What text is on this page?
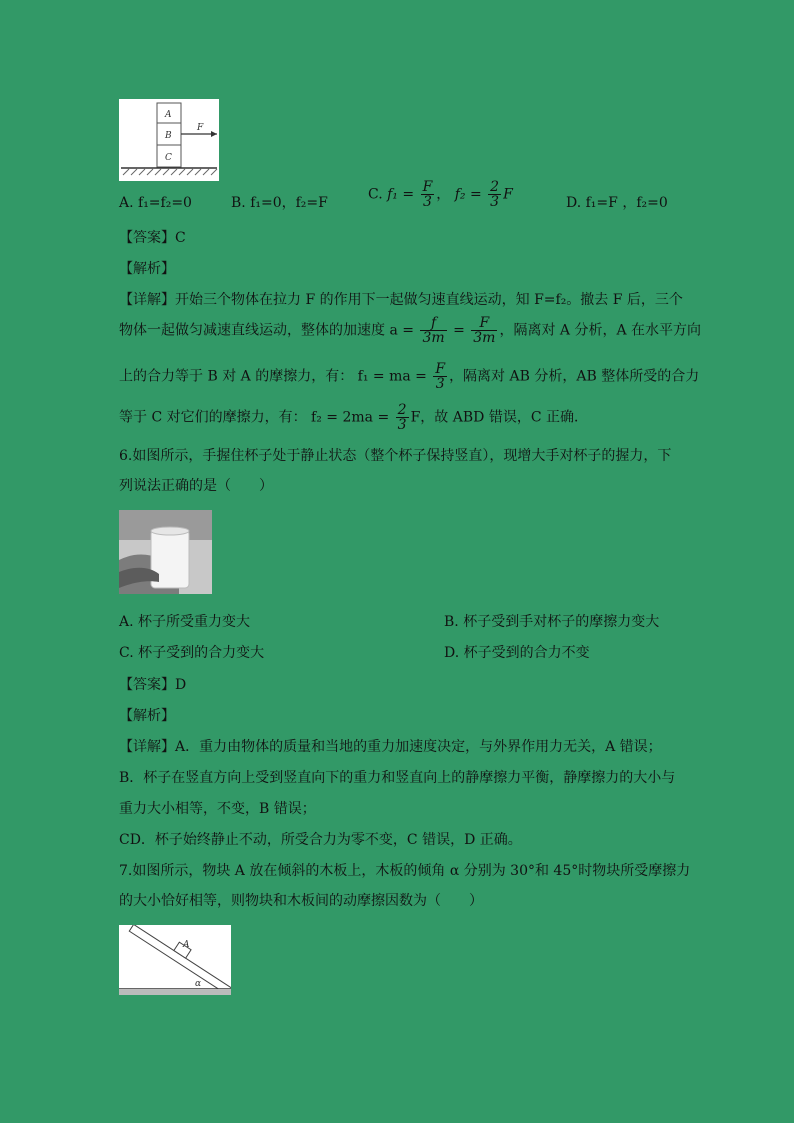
A
B
C
F
A. f₁=f₂=0	B. f₁=0，f₂=F
C. $f_1 = \frac{F}{3}$ ， $f_2 = \frac{2}{3}$ F
D. f₁=F ，f₂=0
【答案】C
【解析】
【详解】开始三个物体在拉力 F 的作用下一起做匀速直线运动，知 F=f₂。撤去 F 后，三个
物体一起做匀减速直线运动，整体的加速度 $a = \frac{f}{3m} = \frac{F}{3m}$ ，隔离对 A 分析，A 在水平方向
上的合力等于 B 对 A 的摩擦力，有： f₁ = ma = $\frac{F}{3}$ ，隔离对 AB 分析，AB 整体所受的合力
等于 C 对它们的摩擦力，有： $f_2 = 2ma = \frac{2}{3}$ F，故 ABD 错误，C 正确．
6.如图所示，手握住杯子处于静止状态（整个杯子保持竖直），现增大手对杯子的握力，下
列说法正确的是（　　）
A. 杯子所受重力变大	B. 杯子受到手对杯子的摩擦力变大
C. 杯子受到的合力变大	D. 杯子受到的合力不变
【答案】D
【解析】
【详解】A．重力由物体的质量和当地的重力加速度决定，与外界作用力无关，A 错误；
B．杯子在竖直方向上受到竖直向下的重力和竖直向上的静摩擦力平衡，静摩擦力的大小与
重力大小相等，不变，B 错误；
CD．杯子始终静止不动，所受合力为零不变，C 错误，D 正确。
7.如图所示，物块 A 放在倾斜的木板上，木板的倾角 α 分别为 30°和 45°时物块所受摩擦力
的大小恰好相等，则物块和木板间的动摩擦因数为（　　）
A
α
